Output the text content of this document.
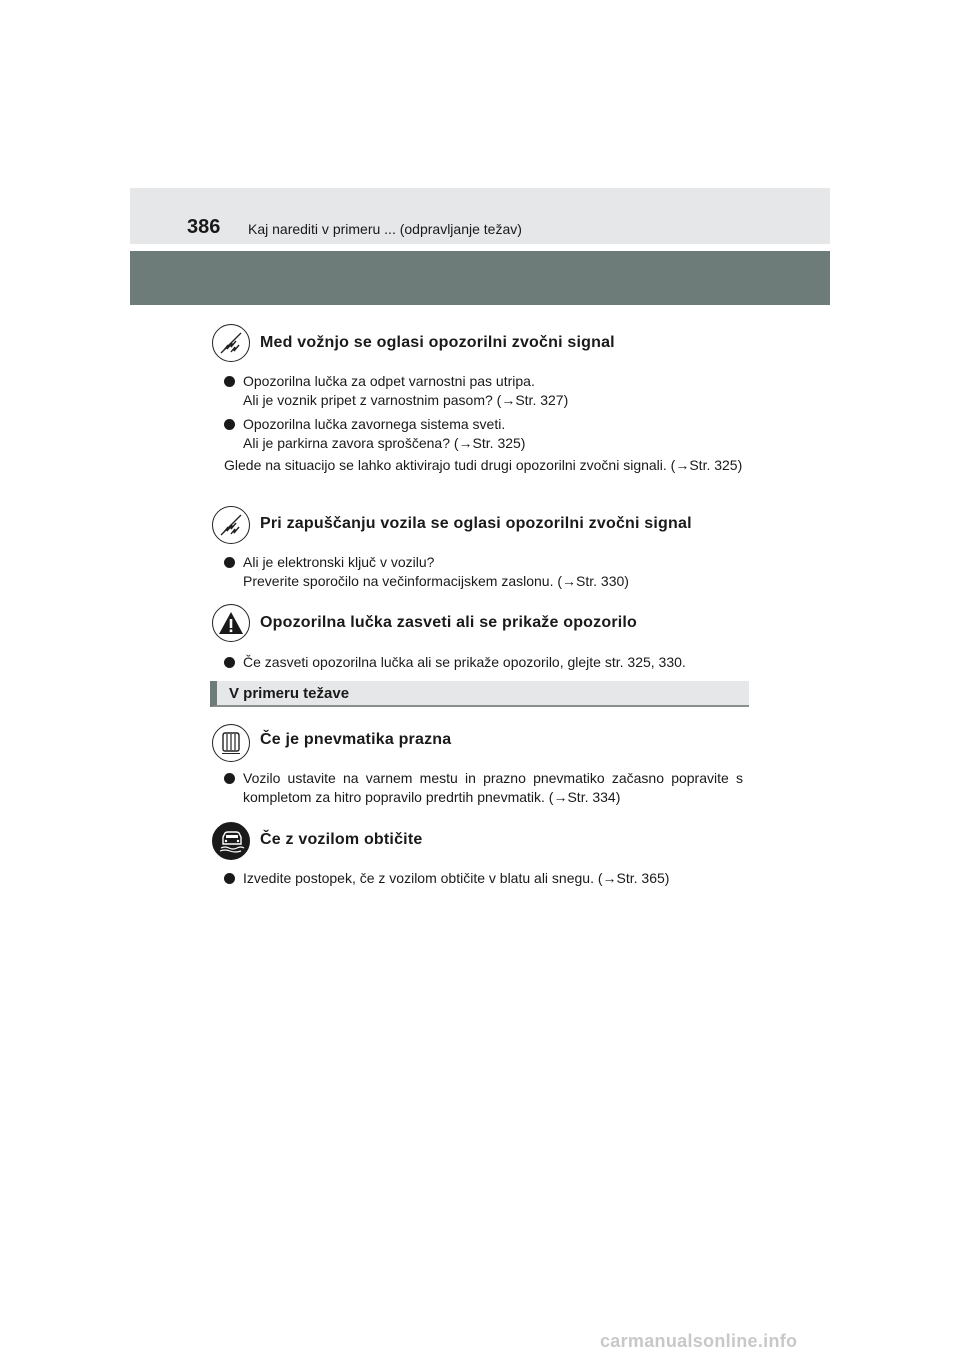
386 Kaj narediti v primeru ... (odpravljanje težav)
Med vožnjo se oglasi opozorilni zvočni signal
Opozorilna lučka za odpet varnostni pas utripa.
Ali je voznik pripet z varnostnim pasom? (→Str. 327)
Opozorilna lučka zavornega sistema sveti.
Ali je parkirna zavora sproščena? (→Str. 325)
Glede na situacijo se lahko aktivirajo tudi drugi opozorilni zvočni signali. (→Str. 325)
Pri zapuščanju vozila se oglasi opozorilni zvočni signal
Ali je elektronski ključ v vozilu?
Preverite sporočilo na večinformacijskem zaslonu. (→Str. 330)
Opozorilna lučka zasveti ali se prikaže opozorilo
Če zasveti opozorilna lučka ali se prikaže opozorilo, glejte str. 325, 330.
V primeru težave
Če je pnevmatika prazna
Vozilo ustavite na varnem mestu in prazno pnevmatiko začasno popravite s kompletom za hitro popravilo predrtih pnevmatik. (→Str. 334)
Če z vozilom obtičite
Izvedite postopek, če z vozilom obtičite v blatu ali snegu. (→Str. 365)
carmanualsonline.info
